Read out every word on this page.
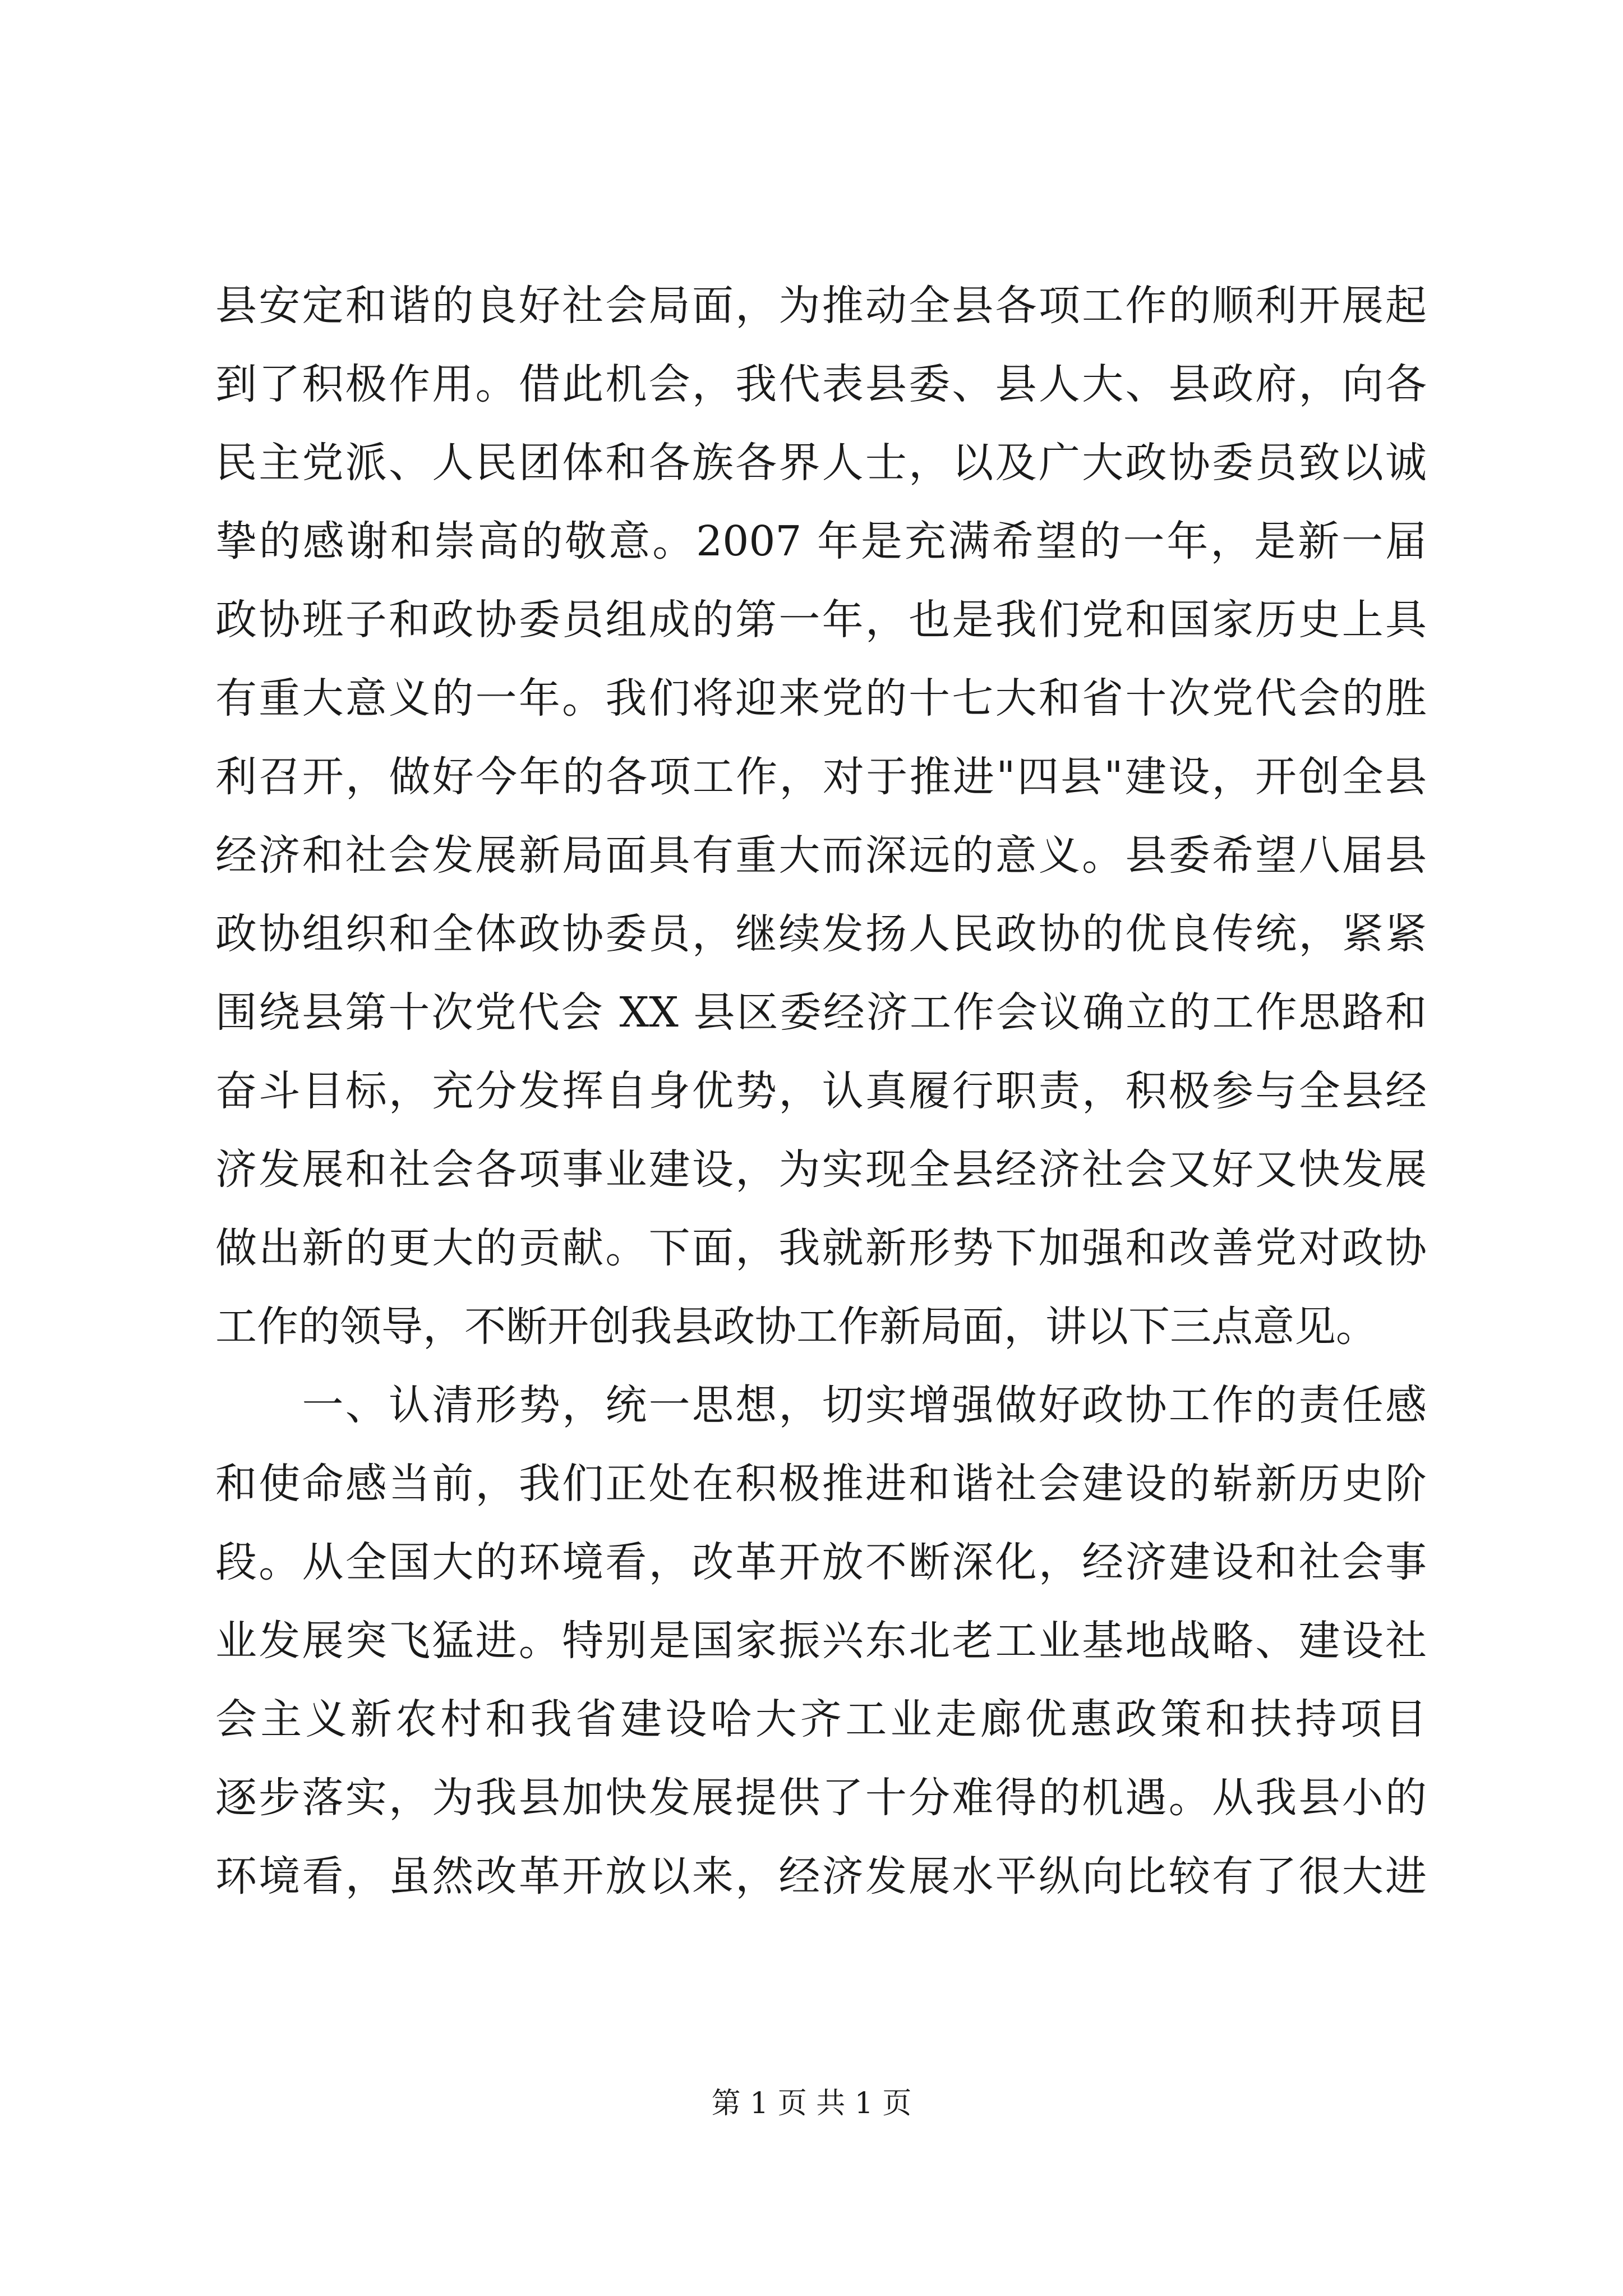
县安定和谐的良好社会局面，为推动全县各项工作的顺利开展起
到了积极作用。借此机会，我代表县委、县人大、县政府，向各
民主党派、人民团体和各族各界人士，以及广大政协委员致以诚
挚的感谢和崇高的敬意。2007 年是充满希望的一年，是新一届
政协班子和政协委员组成的第一年，也是我们党和国家历史上具
有重大意义的一年。我们将迎来党的十七大和省十次党代会的胜
利召开，做好今年的各项工作，对于推进"四县"建设，开创全县
经济和社会发展新局面具有重大而深远的意义。县委希望八届县
政协组织和全体政协委员，继续发扬人民政协的优良传统，紧紧
围绕县第十次党代会 XX 县区委经济工作会议确立的工作思路和
奋斗目标，充分发挥自身优势，认真履行职责，积极参与全县经
济发展和社会各项事业建设，为实现全县经济社会又好又快发展
做出新的更大的贡献。下面，我就新形势下加强和改善党对政协
工作的领导，不断开创我县政协工作新局面，讲以下三点意见。
　　一、认清形势，统一思想，切实增强做好政协工作的责任感
和使命感当前，我们正处在积极推进和谐社会建设的崭新历史阶
段。从全国大的环境看，改革开放不断深化，经济建设和社会事
业发展突飞猛进。特别是国家振兴东北老工业基地战略、建设社
会主义新农村和我省建设哈大齐工业走廊优惠政策和扶持项目
逐步落实，为我县加快发展提供了十分难得的机遇。从我县小的
环境看，虽然改革开放以来，经济发展水平纵向比较有了很大进
第 1 页 共 1 页
